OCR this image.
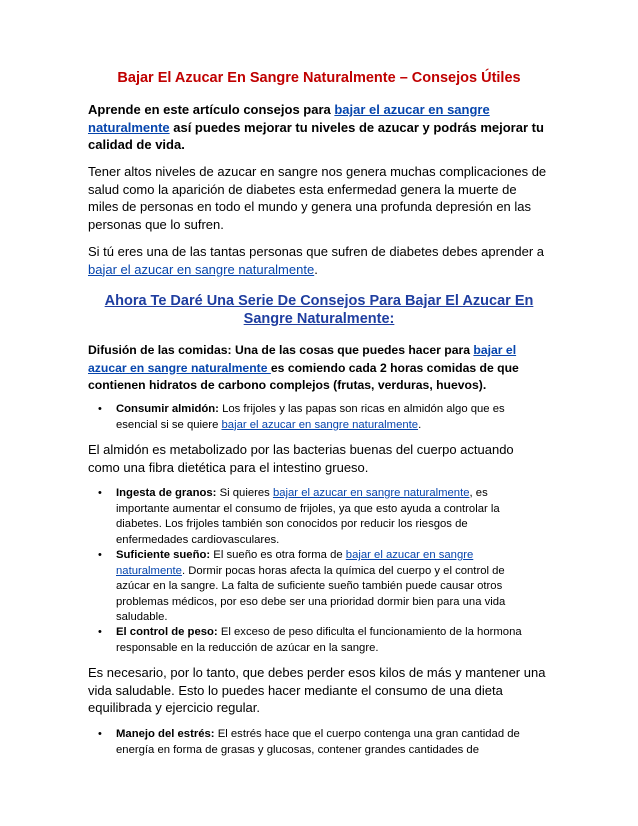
Bajar El Azucar En Sangre Naturalmente – Consejos Útiles
Aprende en este artículo consejos para bajar el azucar en sangre naturalmente así puedes mejorar tu niveles de azucar y podrás mejorar tu calidad de vida.
Tener altos niveles de azucar en sangre nos genera muchas complicaciones de salud como la aparición de diabetes esta enfermedad genera la muerte de miles de personas en todo el mundo y genera una profunda depresión en las personas que lo sufren.
Si tú eres una de las tantas personas que sufren de diabetes debes aprender a bajar el azucar en sangre naturalmente.
Ahora Te Daré Una Serie De Consejos Para Bajar El Azucar En Sangre Naturalmente:
Difusión de las comidas: Una de las cosas que puedes hacer para bajar el azucar en sangre naturalmente es comiendo cada 2 horas comidas de que contienen hidratos de carbono complejos (frutas, verduras, huevos).
• Consumir almidón: Los frijoles y las papas son ricas en almidón algo que es esencial si se quiere bajar el azucar en sangre naturalmente.
El almidón es metabolizado por las bacterias buenas del cuerpo actuando como una fibra dietética para el intestino grueso.
• Ingesta de granos: Si quieres bajar el azucar en sangre naturalmente, es importante aumentar el consumo de frijoles, ya que esto ayuda a controlar la diabetes. Los frijoles también son conocidos por reducir los riesgos de enfermedades cardiovasculares.
• Suficiente sueño: El sueño es otra forma de bajar el azucar en sangre naturalmente. Dormir pocas horas afecta la química del cuerpo y el control de azúcar en la sangre. La falta de suficiente sueño también puede causar otros problemas médicos, por eso debe ser una prioridad dormir bien para una vida saludable.
• El control de peso: El exceso de peso dificulta el funcionamiento de la hormona responsable en la reducción de azúcar en la sangre.
Es necesario, por lo tanto, que debes perder esos kilos de más y mantener una vida saludable. Esto lo puedes hacer mediante el consumo de una dieta equilibrada y ejercicio regular.
• Manejo del estrés: El estrés hace que el cuerpo contenga una gran cantidad de energía en forma de grasas y glucosas, contener grandes cantidades de
